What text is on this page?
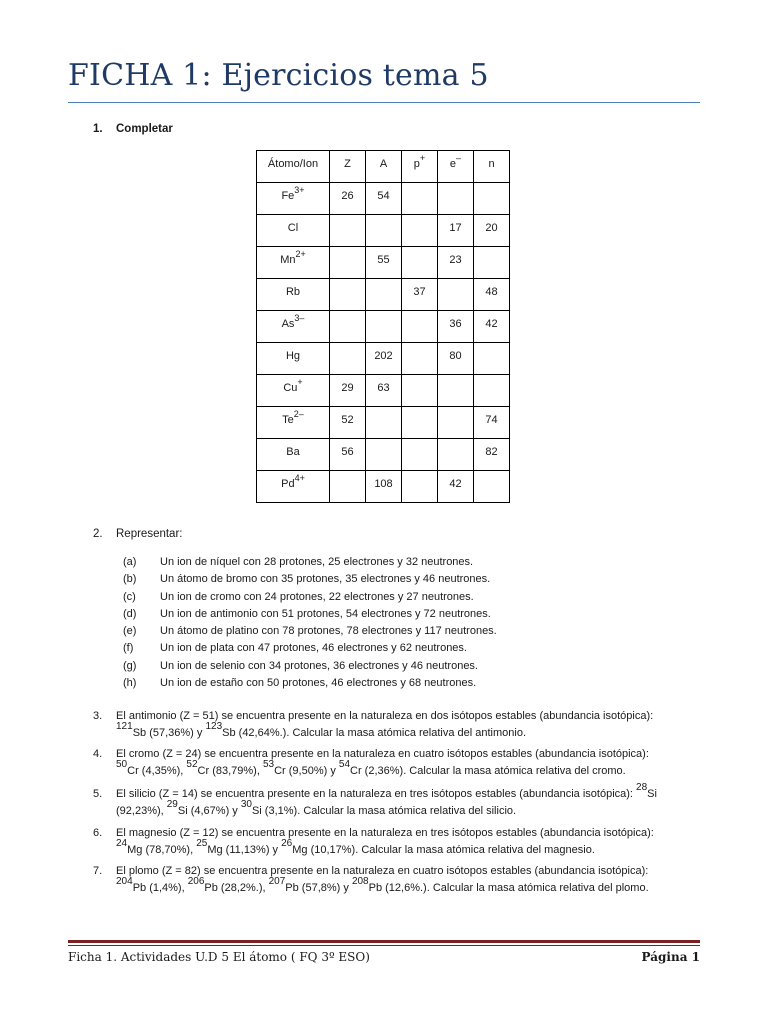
FICHA 1: Ejercicios tema 5
1. Completar
Átomo/Ion	Z	A	p+	e–	n
$Fe^{3+}$	26	54			
Cl				17	20
$Mn^{2+}$		55		23	
Rb			37		48
$As^{3-}$				36	42
Hg		202		80	
Cu+	29	63			
$Te^{2-}$	52				74
Ba	56				82
$Pd^{4+}$		108		42	
2. Representar:
(a) Un ion de níquel con 28 protones, 25 electrones y 32 neutrones.
(b) Un átomo de bromo con 35 protones, 35 electrones y 46 neutrones.
(c) Un ion de cromo con 24 protones, 22 electrones y 27 neutrones.
(d) Un ion de antimonio con 51 protones, 54 electrones y 72 neutrones.
(e) Un átomo de platino con 78 protones, 78 electrones y 117 neutrones.
(f) Un ion de plata con 47 protones, 46 electrones y 62 neutrones.
(g) Un ion de selenio con 34 protones, 36 electrones y 46 neutrones.
(h) Un ion de estaño con 50 protones, 46 electrones y 68 neutrones.
3. El antimonio (Z = 51) se encuentra presente en la naturaleza en dos isótopos estables (abundancia isotópica):
$^{121}$Sb (57,36%) y $^{123}$Sb (42,64%.). Calcular la masa atómica relativa del antimonio.
4. El cromo (Z = 24) se encuentra presente en la naturaleza en cuatro isótopos estables (abundancia isotópica):
$^{50}$Cr (4,35%), $^{52}$Cr (83,79%), $^{53}$Cr (9,50%) y $^{54}$Cr (2,36%). Calcular la masa atómica relativa del cromo.
5. El silicio (Z = 14) se encuentra presente en la naturaleza en tres isótopos estables (abundancia isotópica): $^{28}$Si
(92,23%), $^{29}$Si (4,67%) y $^{30}$Si (3,1%). Calcular la masa atómica relativa del silicio.
6. El magnesio (Z = 12) se encuentra presente en la naturaleza en tres isótopos estables (abundancia isotópica):
$^{24}$Mg (78,70%), $^{25}$Mg (11,13%) y $^{26}$Mg (10,17%). Calcular la masa atómica relativa del magnesio.
7. El plomo (Z = 82) se encuentra presente en la naturaleza en cuatro isótopos estables (abundancia isotópica):
$^{204}$Pb (1,4%), $^{206}$Pb (28,2%.), $^{207}$Pb (57,8%) y $^{208}$Pb (12,6%.). Calcular la masa atómica relativa del plomo.
Ficha 1. Actividades U.D 5 El átomo ( FQ 3º ESO)	Página 1
